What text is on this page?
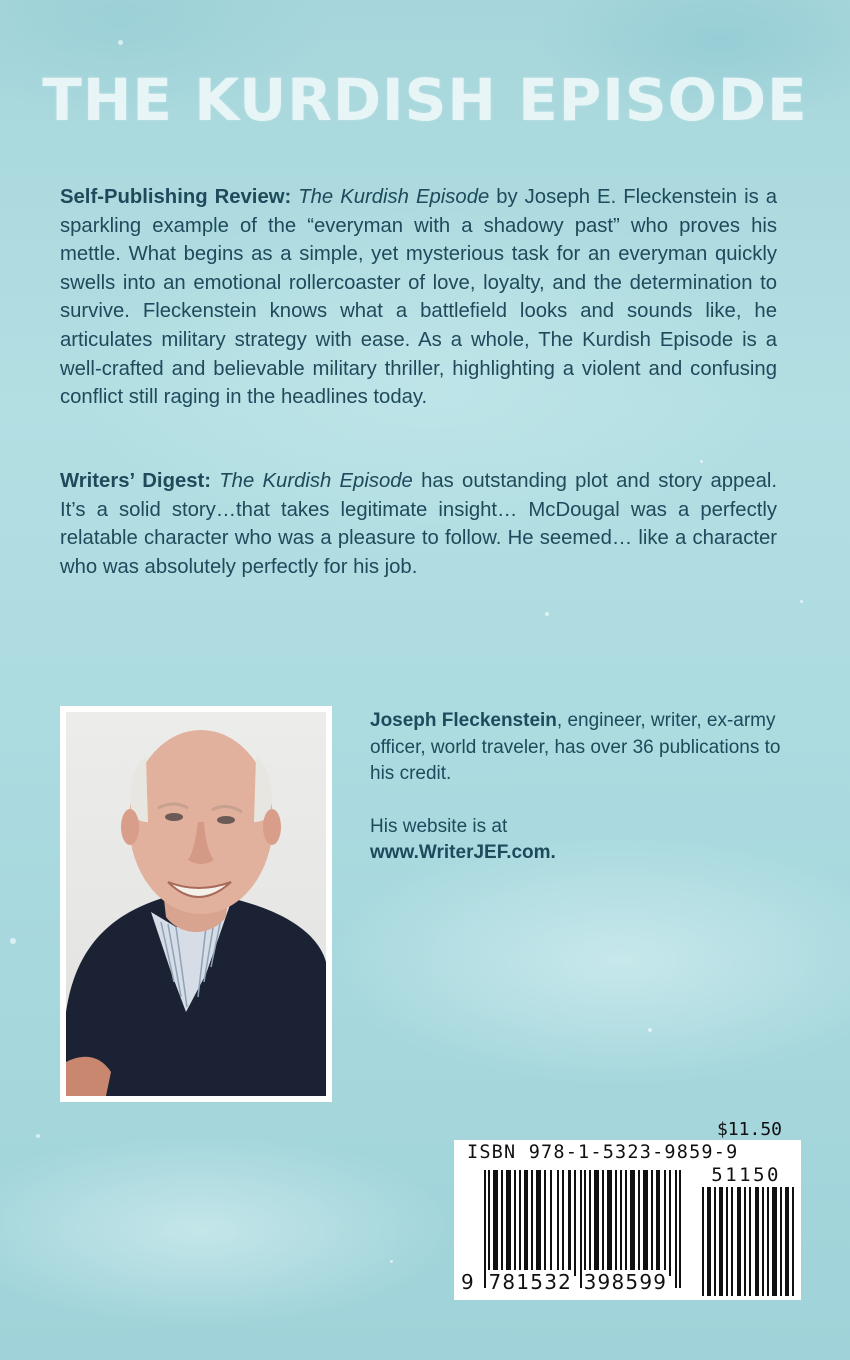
THE KURDISH EPISODE
Self-Publishing Review: The Kurdish Episode by Joseph E. Fleckenstein is a sparkling example of the “everyman with a shadowy past” who proves his mettle. What begins as a simple, yet mysterious task for an everyman quickly swells into an emotional rollercoaster of love, loyalty, and the determination to survive. Fleckenstein knows what a battlefield looks and sounds like, he articulates military strategy with ease. As a whole, The Kurdish Episode is a well-crafted and believable military thriller, highlighting a violent and confusing conflict still raging in the headlines today.
Writers’ Digest: The Kurdish Episode has outstanding plot and story appeal. It’s a solid story…that takes legitimate insight… McDougal was a perfectly relatable character who was a pleasure to follow. He seemed… like a character who was absolutely perfectly for his job.

Joseph Fleckenstein, engineer, writer, ex-army officer, world traveler, has over 36 publications to his credit.

His website is at

www.WriterJEF.com.

$11.50
ISBN 978-1-5323-9859-9
51150
9 781532 398599
